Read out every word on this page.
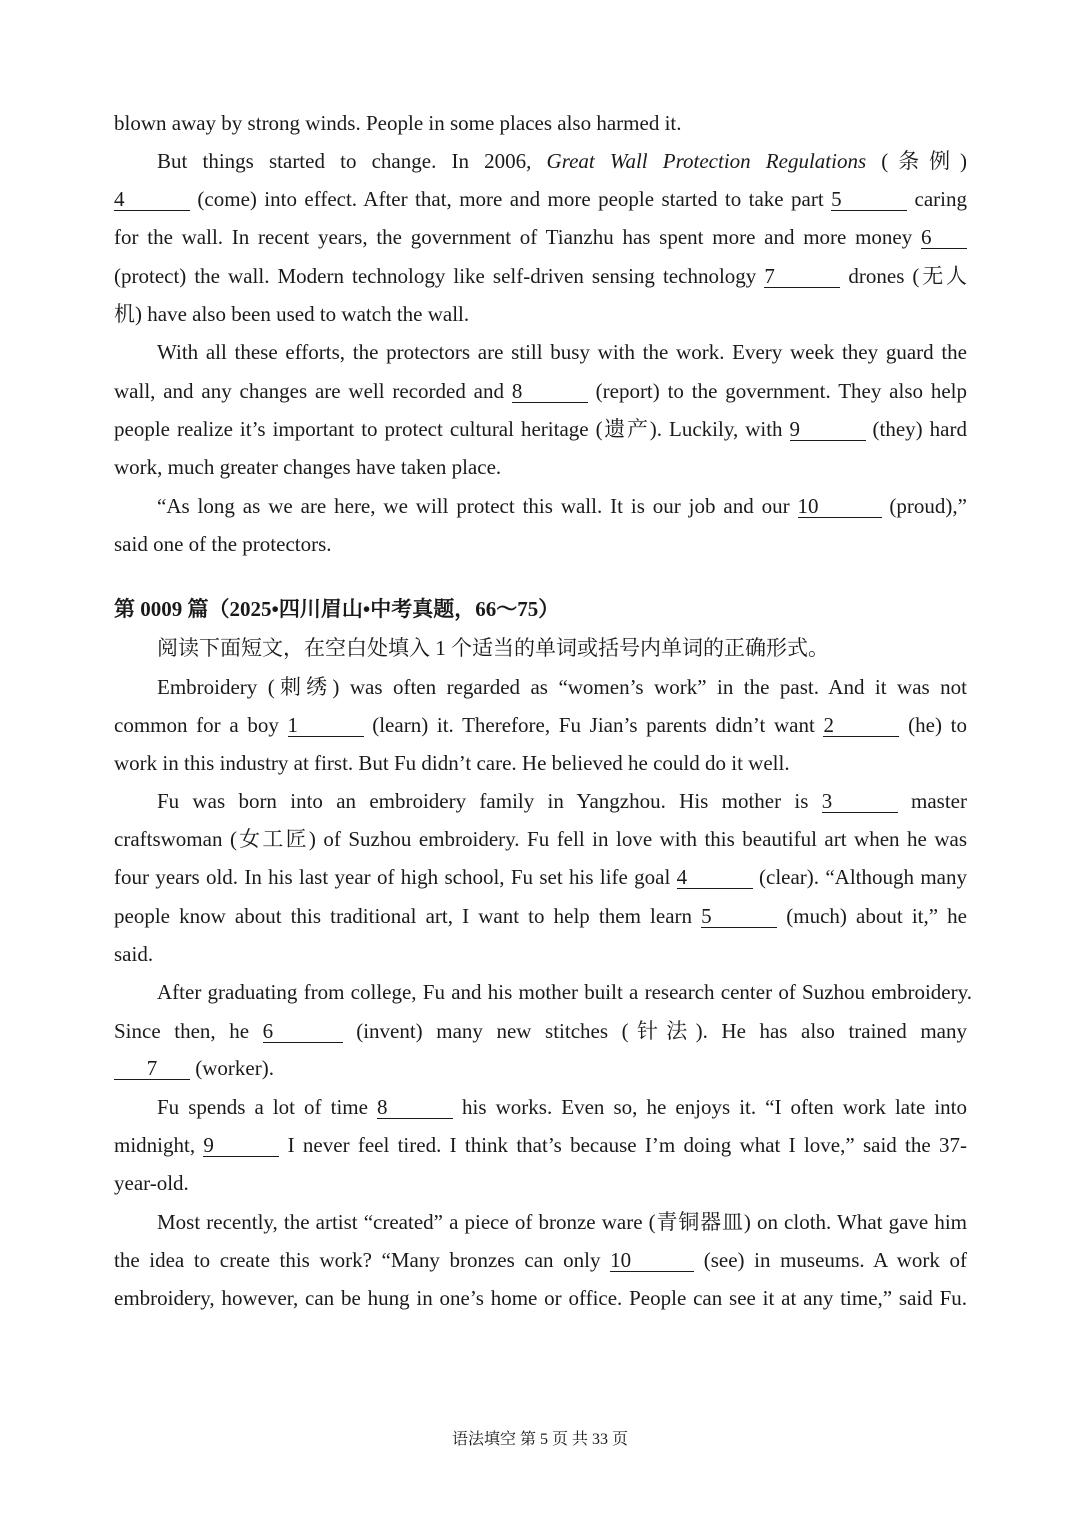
blown away by strong winds. People in some places also harmed it.
But things started to change. In 2006, Great Wall Protection Regulations (条例)
4	(come) into effect. After that, more and more people started to take part 5	caring
for the wall. In recent years, the government of Tianzhu has spent more and more money 6
(protect) the wall. Modern technology like self-driven sensing technology 7	drones (无人
机) have also been used to watch the wall.
With all these efforts, the protectors are still busy with the work. Every week they guard the
wall, and any changes are well recorded and 8	(report) to the government. They also help
people realize it’s important to protect cultural heritage (遗产). Luckily, with 9	(they) hard
work, much greater changes have taken place.
“As long as we are here, we will protect this wall. It is our job and our 10	(proud),”
said one of the protectors.
第 0009 篇（2025•四川眉山•中考真题，66～75）
阅读下面短文，在空白处填入 1 个适当的单词或括号内单词的正确形式。
Embroidery (刺绣) was often regarded as “women’s work” in the past. And it was not
common for a boy 1	(learn) it. Therefore, Fu Jian’s parents didn’t want 2	(he) to
work in this industry at first. But Fu didn’t care. He believed he could do it well.
Fu was born into an embroidery family in Yangzhou. His mother is 3	master
craftswoman (女工匠) of Suzhou embroidery. Fu fell in love with this beautiful art when he was
four years old. In his last year of high school, Fu set his life goal 4	(clear). “Although many
people know about this traditional art, I want to help them learn 5	(much) about it,” he
said.
After graduating from college, Fu and his mother built a research center of Suzhou embroidery.
Since then, he 6	(invent) many new stitches (针法). He has also trained many
7 (worker).
Fu spends a lot of time 8	his works. Even so, he enjoys it. “I often work late into
midnight, 9	I never feel tired. I think that’s because I’m doing what I love,” said the 37-
year-old.
Most recently, the artist “created” a piece of bronze ware (青铜器皿) on cloth. What gave him
the idea to create this work? “Many bronzes can only 10	(see) in museums. A work of
embroidery, however, can be hung in one’s home or office. People can see it at any time,” said Fu.
语法填空 第 5 页 共 33 页
